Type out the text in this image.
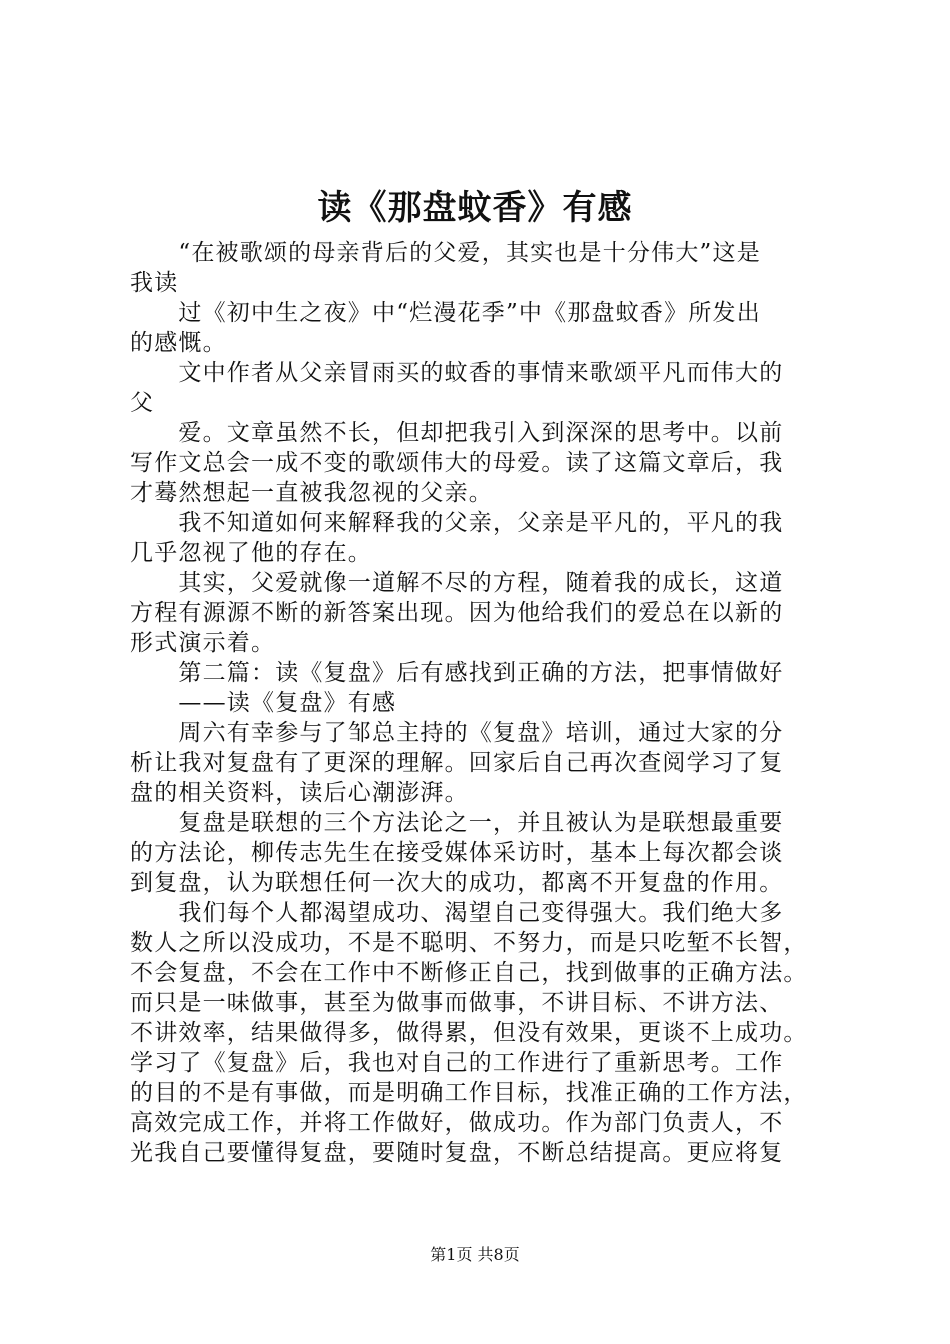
读《那盘蚊香》有感

　　“在被歌颂的母亲背后的父爱，其实也是十分伟大”这是

我读

　　过《初中生之夜》中“烂漫花季”中《那盘蚊香》所发出

的感慨。

　　文中作者从父亲冒雨买的蚊香的事情来歌颂平凡而伟大的

父

　　爱。文章虽然不长，但却把我引入到深深的思考中。以前

写作文总会一成不变的歌颂伟大的母爱。读了这篇文章后，我

才蓦然想起一直被我忽视的父亲。

　　我不知道如何来解释我的父亲，父亲是平凡的，平凡的我

几乎忽视了他的存在。

　　其实，父爱就像一道解不尽的方程，随着我的成长，这道

方程有源源不断的新答案出现。因为他给我们的爱总在以新的

形式演示着。

　　第二篇：读《复盘》后有感找到正确的方法，把事情做好

　　——读《复盘》有感

　　周六有幸参与了邹总主持的《复盘》培训，通过大家的分

析让我对复盘有了更深的理解。回家后自己再次查阅学习了复

盘的相关资料，读后心潮澎湃。

　　复盘是联想的三个方法论之一，并且被认为是联想最重要

的方法论，柳传志先生在接受媒体采访时，基本上每次都会谈

到复盘，认为联想任何一次大的成功，都离不开复盘的作用。

　　我们每个人都渴望成功、渴望自己变得强大。我们绝大多

数人之所以没成功，不是不聪明、不努力，而是只吃堑不长智，

不会复盘，不会在工作中不断修正自己，找到做事的正确方法。

而只是一味做事，甚至为做事而做事，不讲目标、不讲方法、

不讲效率，结果做得多，做得累，但没有效果，更谈不上成功。

学习了《复盘》后，我也对自己的工作进行了重新思考。工作

的目的不是有事做，而是明确工作目标，找准正确的工作方法，

高效完成工作，并将工作做好，做成功。作为部门负责人，不

光我自己要懂得复盘，要随时复盘，不断总结提高。更应将复

第1页 共8页
